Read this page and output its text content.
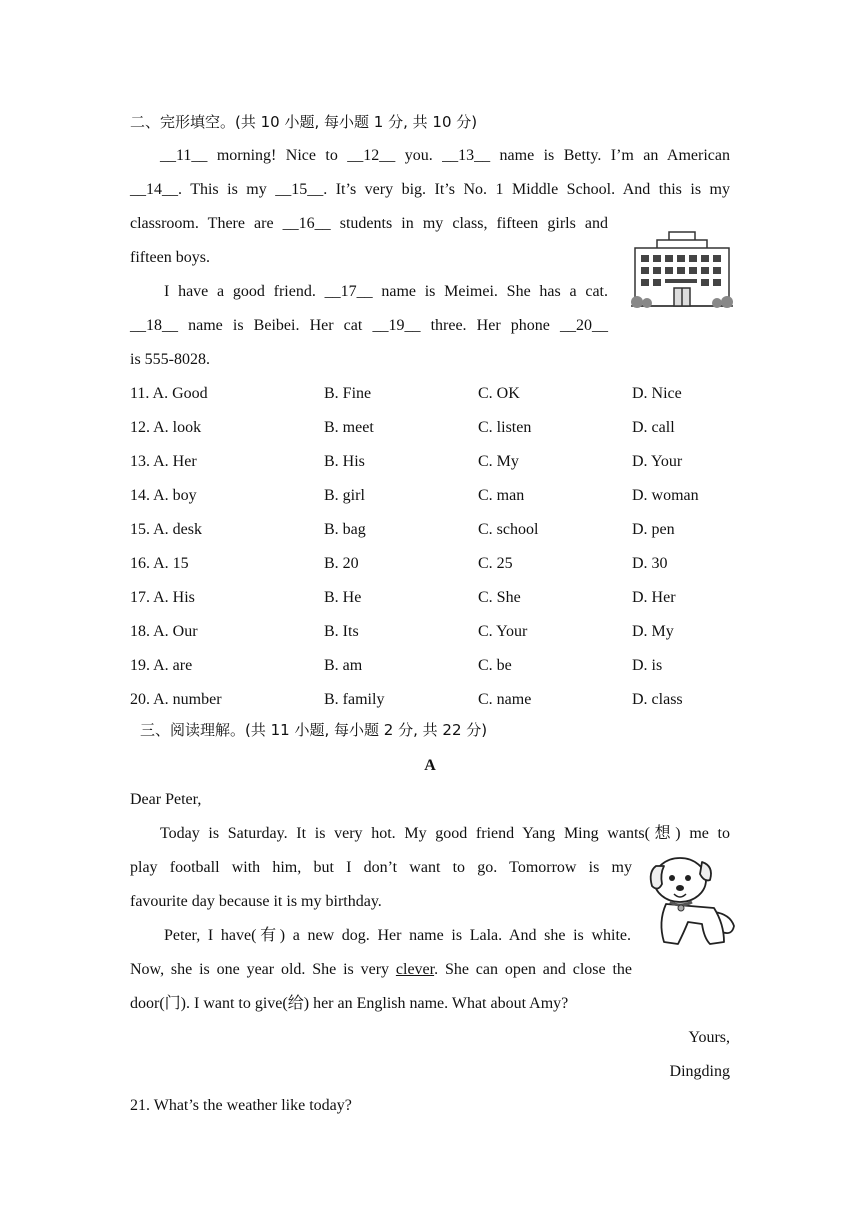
二、完形填空。(共 10 小题, 每小题 1 分, 共 10 分)
__11__ morning! Nice to __12__ you. __13__ name is Betty. I’m an American
__14__. This is my __15__. It’s very big. It’s No. 1 Middle School. And this is my
classroom. There are __16__ students in my class, fifteen girls and
fifteen boys.
I have a good friend. __17__ name is Meimei. She has a cat.
__18__ name is Beibei. Her cat __19__ three. Her phone __20__
is 555-8028.
11. A. Good	B. Fine	C. OK	D. Nice
12. A. look	B. meet	C. listen	D. call
13. A. Her	B. His	C. My	D. Your
14. A. boy	B. girl	C. man	D. woman
15. A. desk	B. bag	C. school	D. pen
16. A. 15	B. 20	C. 25	D. 30
17. A. His	B. He	C. She	D. Her
18. A. Our	B. Its	C. Your	D. My
19. A. are	B. am	C. be	D. is
20. A. number	B. family	C. name	D. class
三、阅读理解。(共 11 小题, 每小题 2 分, 共 22 分)
A
Dear Peter,
Today is Saturday. It is very hot. My good friend Yang Ming wants(想) me to
play football with him, but I don’t want to go. Tomorrow is my
favourite day because it is my birthday.
Peter, I have(有) a new dog. Her name is Lala. And she is white.
Now, she is one year old. She is very clever. She can open and close the
door(门). I want to give(给) her an English name. What about Amy?
Yours,
Dingding
21. What’s the weather like today?
